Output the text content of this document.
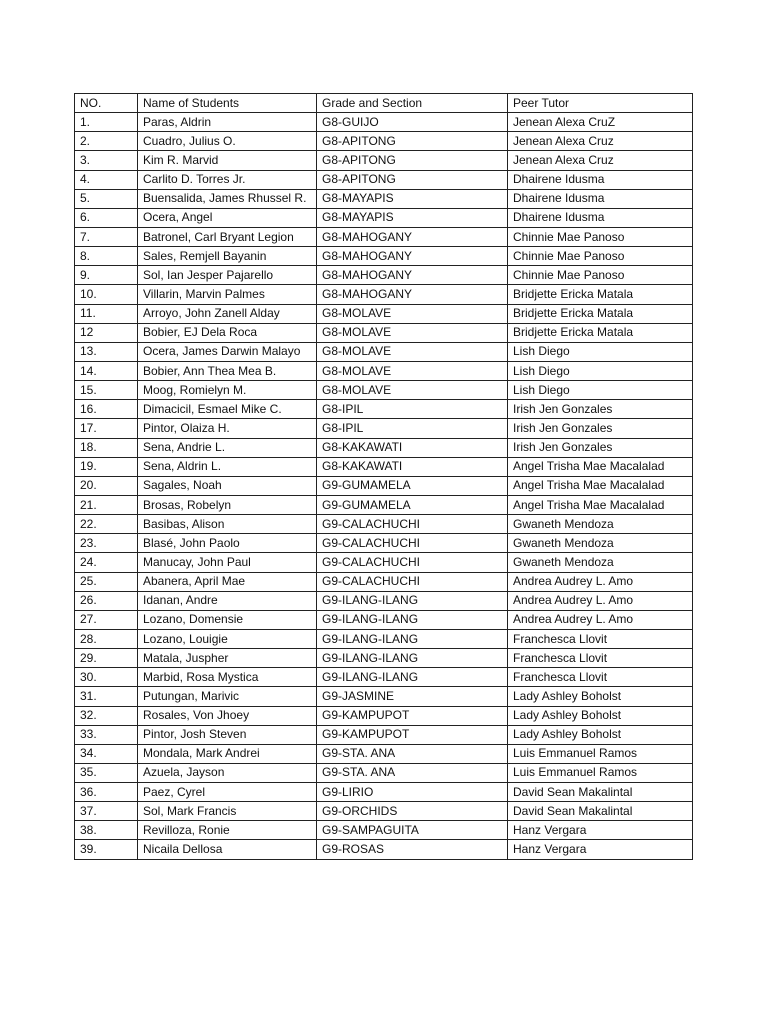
NO.	Name of Students	Grade and Section	Peer Tutor
1.	Paras, Aldrin	G8-GUIJO	Jenean Alexa CruZ
2.	Cuadro, Julius O.	G8-APITONG	Jenean Alexa Cruz
3.	Kim R. Marvid	G8-APITONG	Jenean Alexa Cruz
4.	Carlito D. Torres Jr.	G8-APITONG	Dhairene Idusma
5.	Buensalida, James Rhussel R.	G8-MAYAPIS	Dhairene Idusma
6.	Ocera, Angel	G8-MAYAPIS	Dhairene Idusma
7.	Batronel, Carl Bryant Legion	G8-MAHOGANY	Chinnie Mae Panoso
8.	Sales, Remjell Bayanin	G8-MAHOGANY	Chinnie Mae Panoso
9.	Sol, Ian Jesper Pajarello	G8-MAHOGANY	Chinnie Mae Panoso
10.	Villarin, Marvin Palmes	G8-MAHOGANY	Bridjette Ericka Matala
11.	Arroyo, John Zanell Alday	G8-MOLAVE	Bridjette Ericka Matala
12	Bobier, EJ Dela Roca	G8-MOLAVE	Bridjette Ericka Matala
13.	Ocera, James Darwin Malayo	G8-MOLAVE	Lish Diego
14.	Bobier, Ann Thea Mea B.	G8-MOLAVE	Lish Diego
15.	Moog, Romielyn M.	G8-MOLAVE	Lish Diego
16.	Dimacicil, Esmael Mike C.	G8-IPIL	Irish Jen Gonzales
17.	Pintor, Olaiza H.	G8-IPIL	Irish Jen Gonzales
18.	Sena, Andrie L.	G8-KAKAWATI	Irish Jen Gonzales
19.	Sena, Aldrin L.	G8-KAKAWATI	Angel Trisha Mae Macalalad
20.	Sagales, Noah	G9-GUMAMELA	Angel Trisha Mae Macalalad
21.	Brosas, Robelyn	G9-GUMAMELA	Angel Trisha Mae Macalalad
22.	Basibas, Alison	G9-CALACHUCHI	Gwaneth Mendoza
23.	Blasé, John Paolo	G9-CALACHUCHI	Gwaneth Mendoza
24.	Manucay, John Paul	G9-CALACHUCHI	Gwaneth Mendoza
25.	Abanera, April Mae	G9-CALACHUCHI	Andrea Audrey L. Amo
26.	Idanan, Andre	G9-ILANG-ILANG	Andrea Audrey L. Amo
27.	Lozano, Domensie	G9-ILANG-ILANG	Andrea Audrey L. Amo
28.	Lozano, Louigie	G9-ILANG-ILANG	Franchesca Llovit
29.	Matala, Juspher	G9-ILANG-ILANG	Franchesca Llovit
30.	Marbid, Rosa Mystica	G9-ILANG-ILANG	Franchesca Llovit
31.	Putungan, Marivic	G9-JASMINE	Lady Ashley Boholst
32.	Rosales, Von Jhoey	G9-KAMPUPOT	Lady Ashley Boholst
33.	Pintor, Josh Steven	G9-KAMPUPOT	Lady Ashley Boholst
34.	Mondala, Mark Andrei	G9-STA. ANA	Luis Emmanuel Ramos
35.	Azuela, Jayson	G9-STA. ANA	Luis Emmanuel Ramos
36.	Paez, Cyrel	G9-LIRIO	David Sean Makalintal
37.	Sol, Mark Francis	G9-ORCHIDS	David Sean Makalintal
38.	Revilloza, Ronie	G9-SAMPAGUITA	Hanz Vergara
39.	Nicaila Dellosa	G9-ROSAS	Hanz Vergara
